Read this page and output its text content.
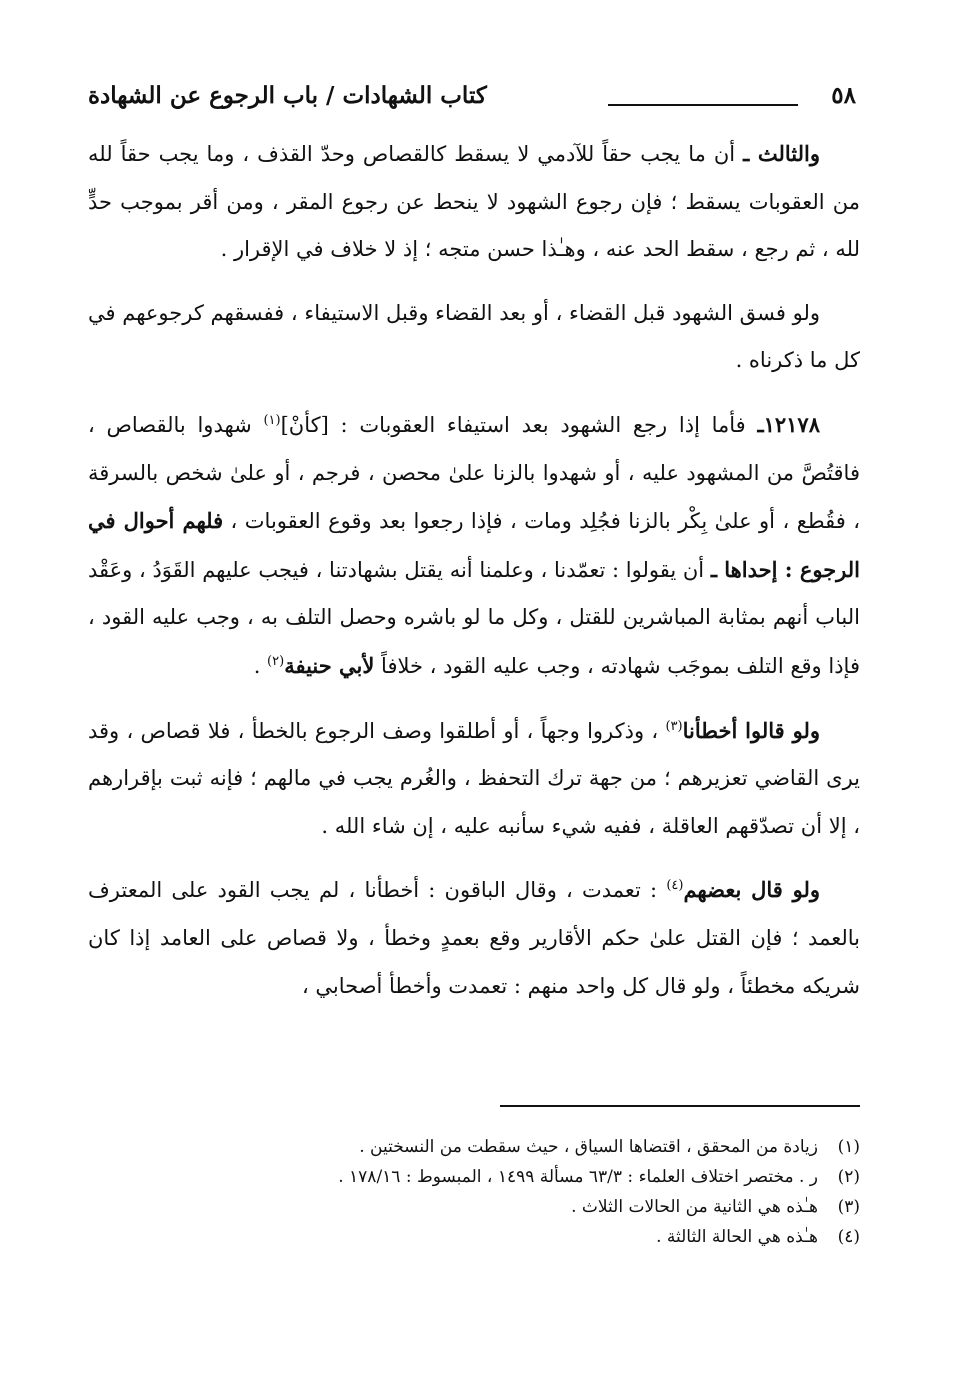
٥٨
كتاب الشهادات / باب الرجوع عن الشهادة

والثالث ـ أن ما يجب حقاً للآدمي لا يسقط كالقصاص وحدّ القذف ، وما يجب حقاً لله من العقوبات يسقط ؛ فإن رجوع الشهود لا ينحط عن رجوع المقر ، ومن أقر بموجب حدٍّ لله ، ثم رجع ، سقط الحد عنه ، وهـٰذا حسن متجه ؛ إذ لا خلاف في الإقرار .

ولو فسق الشهود قبل القضاء ، أو بعد القضاء وقبل الاستيفاء ، ففسقهم كرجوعهم في كل ما ذكرناه .

١٢١٧٨ـ فأما إذا رجع الشهود بعد استيفاء العقوبات : [كأنْ]$^{(١)}$ شهدوا بالقصاص ، فاقتُصَّ من المشهود عليه ، أو شهدوا بالزنا علىٰ محصن ، فرجم ، أو علىٰ شخص بالسرقة ، فقُطع ، أو علىٰ بِكْر بالزنا فجُلِد ومات ، فإذا رجعوا بعد وقوع العقوبات ، فلهم أحوال في الرجوع : إحداها ـ أن يقولوا : تعمّدنا ، وعلمنا أنه يقتل بشهادتنا ، فيجب عليهم القَوَدُ ، وعَقْد الباب أنهم بمثابة المباشرين للقتل ، وكل ما لو باشره وحصل التلف به ، وجب عليه القود ، فإذا وقع التلف بموجَب شهادته ، وجب عليه القود ، خلافاً لأبي حنيفة$^{(٢)}$ .

ولو قالوا أخطأنا$^{(٣)}$ ، وذكروا وجهاً ، أو أطلقوا وصف الرجوع بالخطأ ، فلا قصاص ، وقد يرى القاضي تعزيرهم ؛ من جهة ترك التحفظ ، والغُرم يجب في مالهم ؛ فإنه ثبت بإقرارهم ، إلا أن تصدّقهم العاقلة ، ففيه شيء سأنبه عليه ، إن شاء الله .

ولو قال بعضهم$^{(٤)}$ : تعمدت ، وقال الباقون : أخطأنا ، لم يجب القود على المعترف بالعمد ؛ فإن القتل علىٰ حكم الأقارير وقع بعمدٍ وخطأ ، ولا قصاص على العامد إذا كان شريكه مخطئاً ، ولو قال كل واحد منهم : تعمدت وأخطأ أصحابي ،

(١)زيادة من المحقق ، اقتضاها السياق ، حيث سقطت من النسختين .
(٢)ر . مختصر اختلاف العلماء : ٦٣/٣ مسألة ١٤٩٩ ، المبسوط : ١٧٨/١٦ .
(٣)هـٰذه هي الثانية من الحالات الثلاث .
(٤)هـٰذه هي الحالة الثالثة .
